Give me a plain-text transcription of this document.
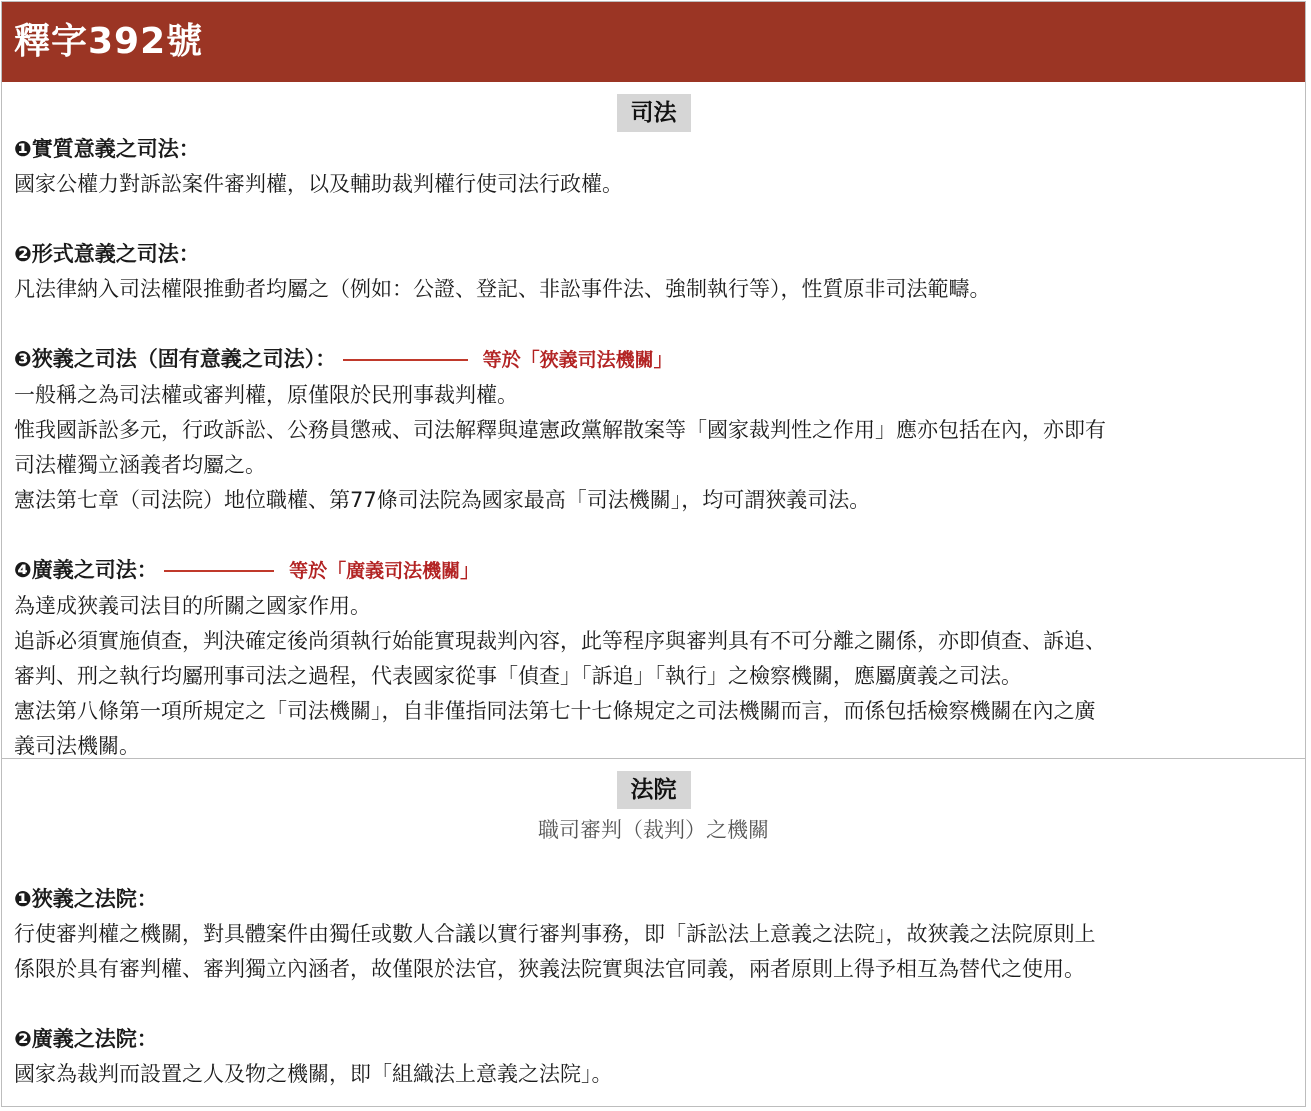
釋字392號
司法
❶實質意義之司法：
國家公權力對訴訟案件審判權，以及輔助裁判權行使司法行政權。
❷形式意義之司法：
凡法律納入司法權限推動者均屬之（例如：公證、登記、非訟事件法、強制執行等），性質原非司法範疇。
❸狹義之司法（固有意義之司法）：	等於「狹義司法機關」
一般稱之為司法權或審判權，原僅限於民刑事裁判權。
惟我國訴訟多元，行政訴訟、公務員懲戒、司法解釋與違憲政黨解散案等「國家裁判性之作用」應亦包括在內，亦即有
司法權獨立涵義者均屬之。
憲法第七章（司法院）地位職權、第77條司法院為國家最高「司法機關」，均可謂狹義司法。
❹廣義之司法：	等於「廣義司法機關」
為達成狹義司法目的所關之國家作用。
追訴必須實施偵查，判決確定後尚須執行始能實現裁判內容，此等程序與審判具有不可分離之關係，亦即偵查、訴追、
審判、刑之執行均屬刑事司法之過程，代表國家從事「偵查」「訴追」「執行」之檢察機關，應屬廣義之司法。
憲法第八條第一項所規定之「司法機關」，自非僅指同法第七十七條規定之司法機關而言，而係包括檢察機關在內之廣
義司法機關。
法院
職司審判（裁判）之機關
❶狹義之法院：
行使審判權之機關，對具體案件由獨任或數人合議以實行審判事務，即「訴訟法上意義之法院」，故狹義之法院原則上
係限於具有審判權、審判獨立內涵者，故僅限於法官，狹義法院實與法官同義，兩者原則上得予相互為替代之使用。
❷廣義之法院：
國家為裁判而設置之人及物之機關，即「組織法上意義之法院」。
